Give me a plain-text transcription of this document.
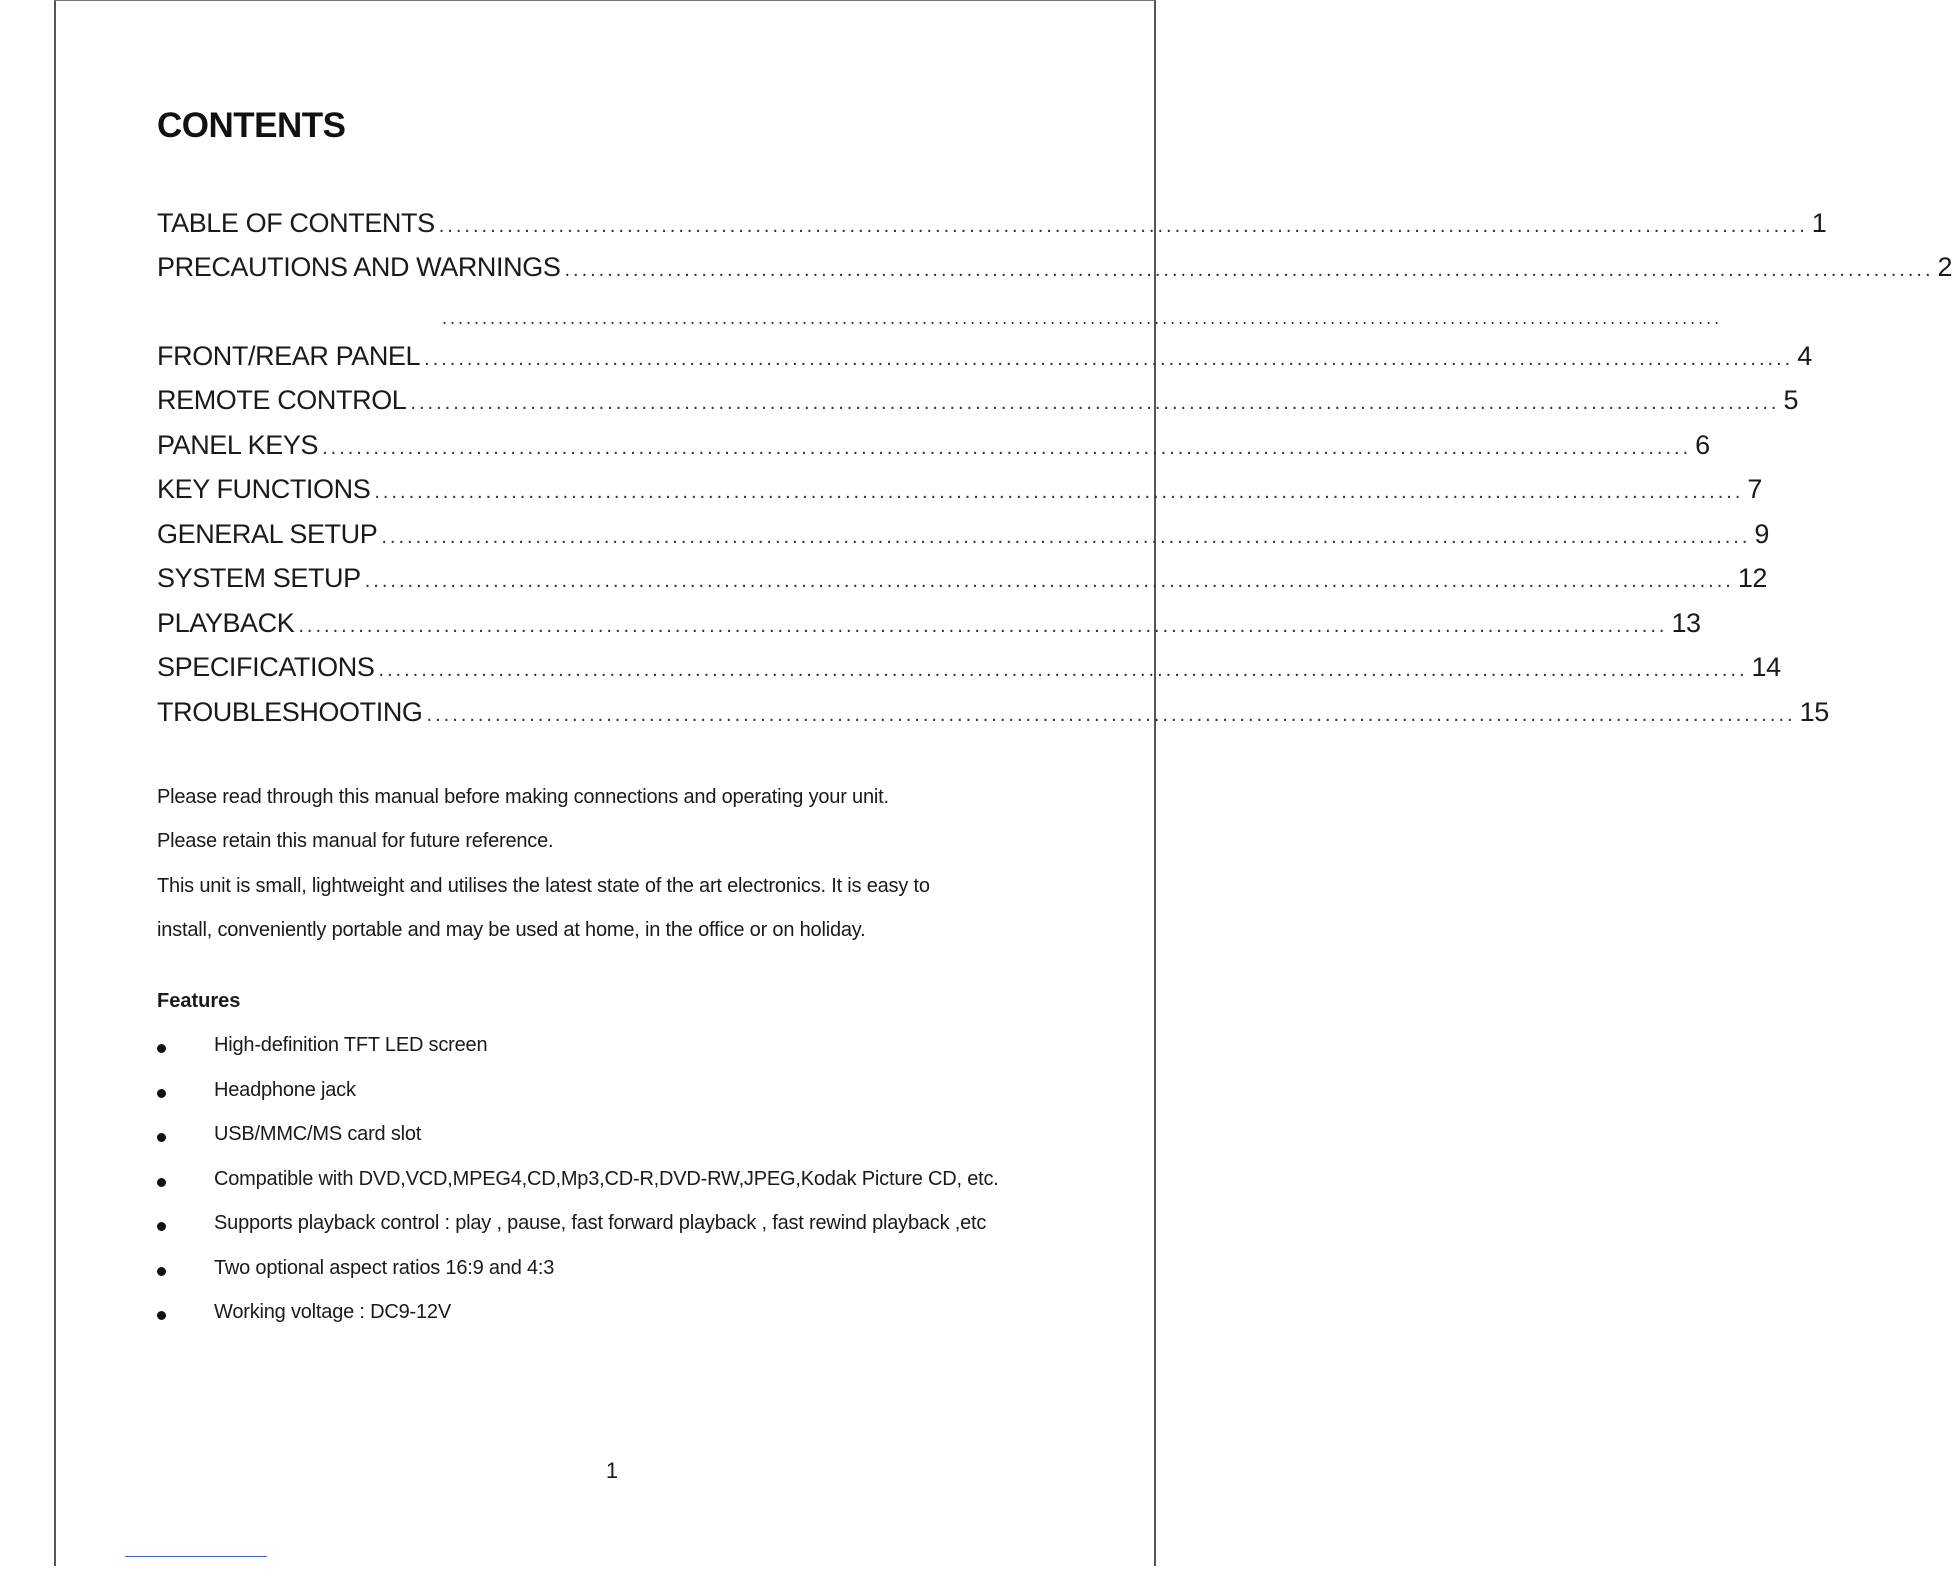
CONTENTS
TABLE OF CONTENTS ................................................................................................................................................................ 1
PRECAUTIONS AND WARNINGS ................................................................................................................................................................ 2
FRONT/REAR PANEL ................................................................................................................................................................ 4
REMOTE CONTROL ................................................................................................................................................................ 5
PANEL KEYS ................................................................................................................................................................ 6
KEY FUNCTIONS ................................................................................................................................................................ 7
GENERAL SETUP ................................................................................................................................................................ 9
SYSTEM SETUP ................................................................................................................................................................ 12
PLAYBACK ................................................................................................................................................................ 13
SPECIFICATIONS ................................................................................................................................................................ 14
TROUBLESHOOTING ................................................................................................................................................................ 15
................................................................................................................................................................

Please read through this manual before making connections and operating your unit.

Please retain this manual for future reference.

This unit is small, lightweight and utilises the latest state of the art electronics. It is easy to

install, conveniently portable and may be used at home, in the office or on holiday.

Features
High-definition TFT LED screen
Headphone jack
USB/MMC/MS card slot
Compatible with DVD,VCD,MPEG4,CD,Mp3,CD-R,DVD-RW,JPEG,Kodak Picture CD, etc.
Supports playback control : play , pause, fast forward playback , fast rewind playback ,etc
Two optional aspect ratios 16:9 and 4:3
Working voltage : DC9-12V
1
